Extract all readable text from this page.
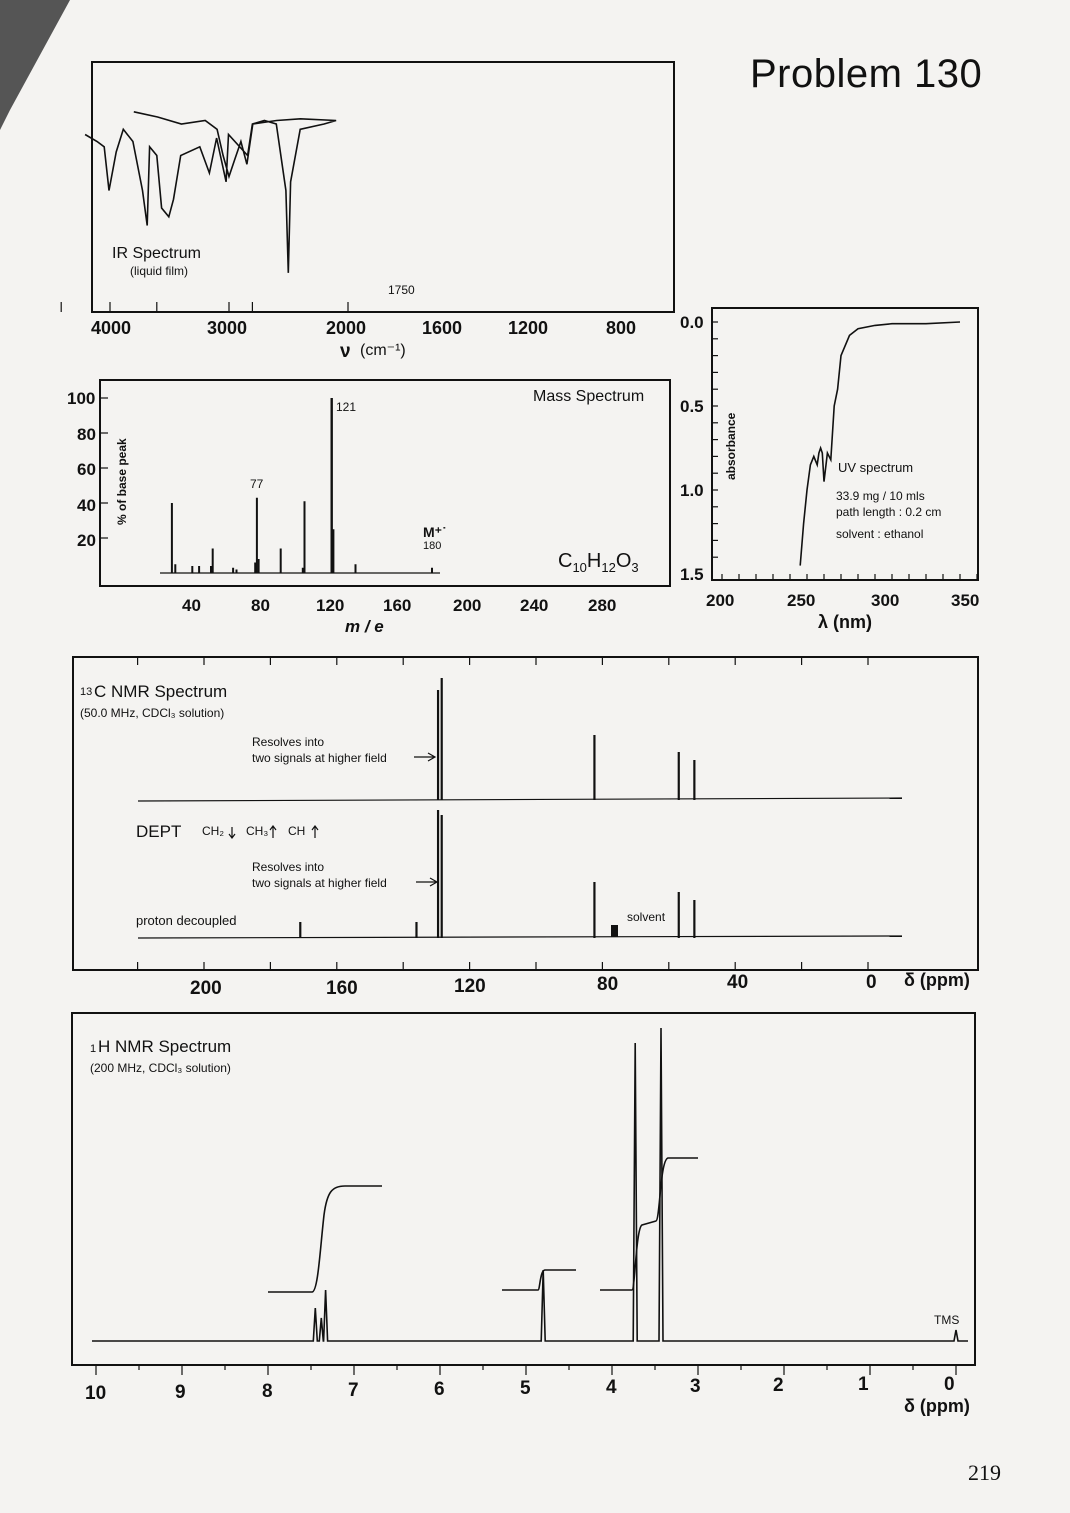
Problem 130
219
IR Spectrum
(liquid film)
1750
4000	3000	2000	1600	1200	800
ν (cm⁻¹)
Mass Spectrum
121
77
M⁺˙
180
$C_{10}H_{12}O_3$
100
80
60
40
20
% of base peak
40	80	120 160 200 240 280
m / e
0.0
0.5
1.0
1.5
absorbance	UV spectrum
33.9 mg / 10 mls
path length : 0.2 cm
solvent : ethanol
200	250	300	350
λ (nm)
solvent
13 C NMR Spectrum
(50.0 MHz, CDCl₃ solution)
Resolves into
two signals at higher field
DEPT CH₂ CH₃ CH
Resolves into
two signals at higher field
proton decoupled
200	160	120	80	40	0 δ (ppm)
1 H NMR Spectrum
(200 MHz, CDCl₃ solution)
TMS
10	9	8	7	6	5	4	3	2	1	0
δ (ppm)
